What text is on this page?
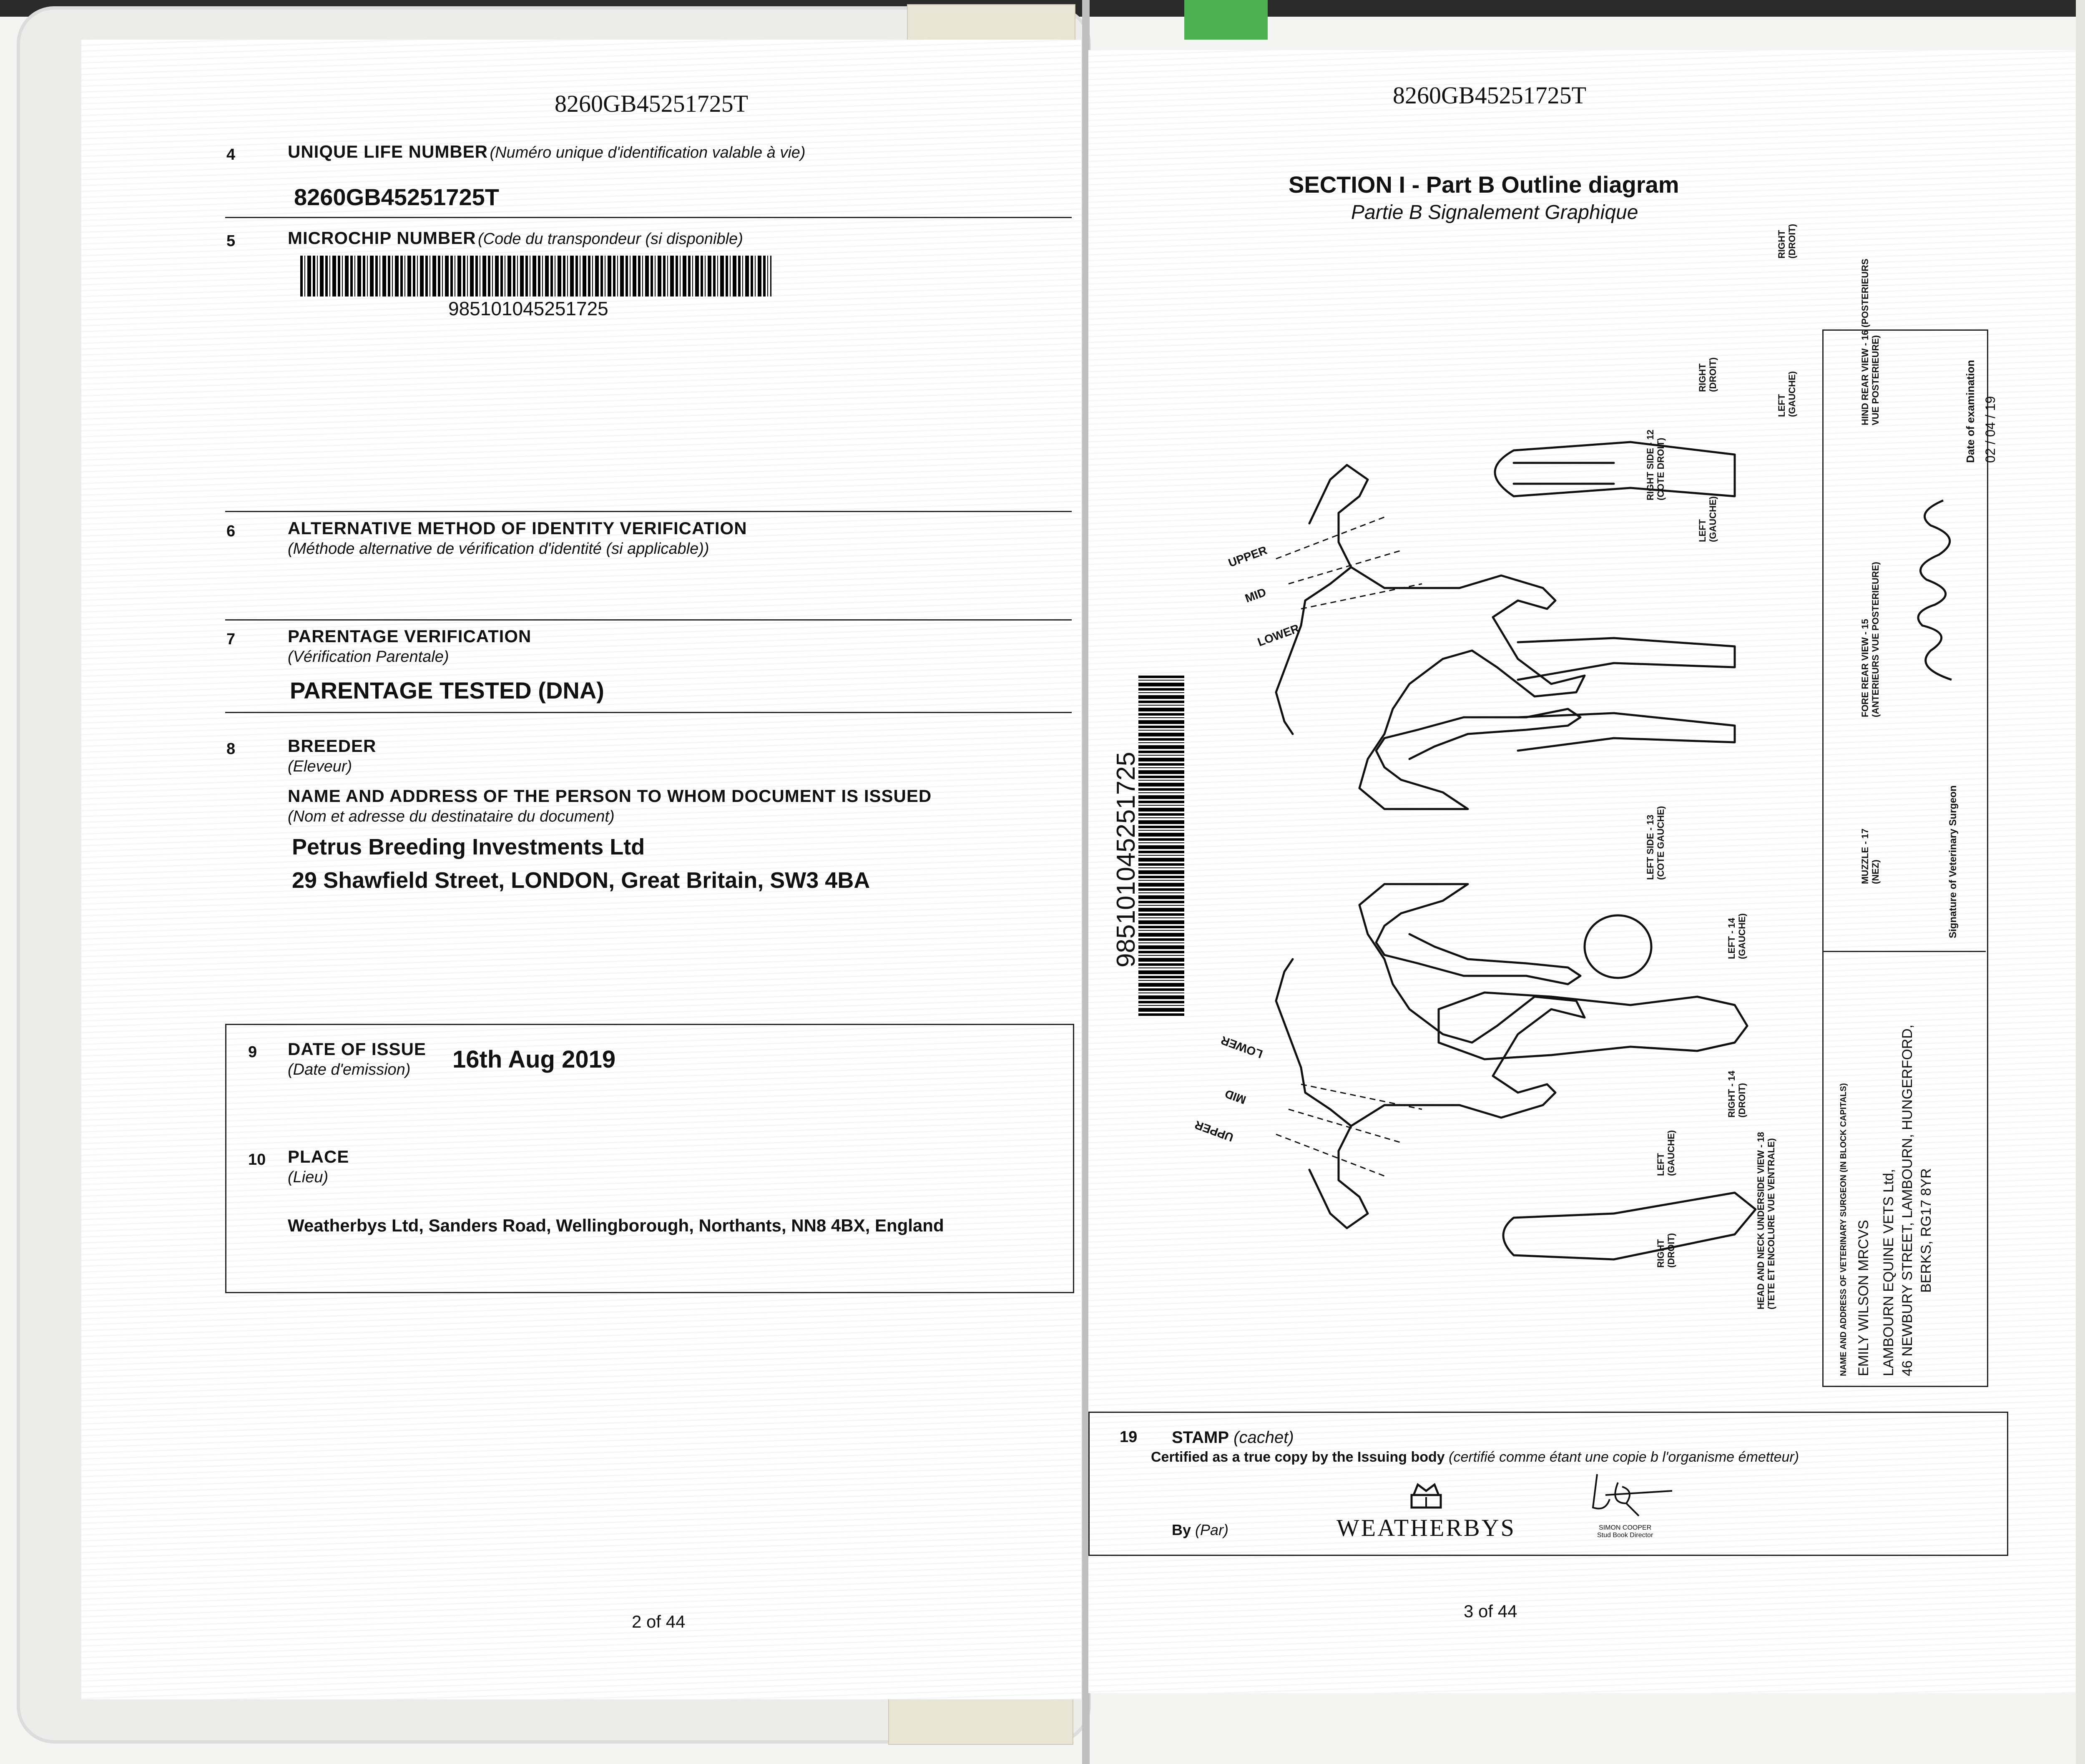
8260GB45251725T
4	UNIQUE LIFE NUMBER (Numéro unique d'identification valable à vie)
8260GB45251725T
5	MICROCHIP NUMBER (Code du transpondeur (si disponible)
985101045251725
6	ALTERNATIVE METHOD OF IDENTITY VERIFICATION
(Méthode alternative de vérification d'identité (si applicable))
7	PARENTAGE VERIFICATION
(Vérification Parentale)
PARENTAGE TESTED (DNA)
8	BREEDER
(Eleveur)
NAME AND ADDRESS OF THE PERSON TO WHOM DOCUMENT IS ISSUED
(Nom et adresse du destinataire du document)
Petrus Breeding Investments Ltd
29 Shawfield Street, LONDON, Great Britain, SW3 4BA
9 DATE OF ISSUE
(Date d'emission) 16th Aug 2019
10 PLACE
(Lieu)
Weatherbys Ltd, Sanders Road, Wellingborough, Northants, NN8 4BX, England
2 of 44
8260GB45251725T
SECTION I - Part B Outline diagram
Partie B Signalement Graphique
985101045251725
UPPER
MID
LOWER
LOWER
MID
UPPER
RIGHT SIDE - 12
(COTE DROIT)
LEFT SIDE - 13
(COTE GAUCHE)
RIGHT
(DROIT)
LEFT
(GAUCHE)
RIGHT
(DROIT)
LEFT
(GAUCHE)	HIND REAR VIEW - 16 (POSTERIEURS
VUE POSTERIEURE)
FORE REAR VIEW - 15
(ANTERIEURS VUE POSTERIEURE)
MUZZLE - 17
(NEZ)
LEFT - 14
(GAUCHE)
RIGHT - 14
(DROIT)
LEFT
(GAUCHE)
RIGHT
(DROIT)	HEAD AND NECK UNDERSIDE VIEW - 18
(TETE ET ENCOLURE VUE VENTRALE)	NAME AND ADDRESS OF VETERINARY SURGEON (IN BLOCK CAPITALS) EMILY WILSON MRCVS LAMBOURN EQUINE VETS Ltd, 46 NEWBURY STREET, LAMBOURN, HUNGERFORD, BERKS, RG17 8YR
Signature of Veterinary Surgeon
Date of examination 02 / 04 / 19
19 STAMP (cachet)
Certified as a true copy by the Issuing body (certifié comme étant une copie b l'organisme émetteur)
By (Par)	WEATHERBYS	SIMON COOPER
Stud Book Director
3 of 44
